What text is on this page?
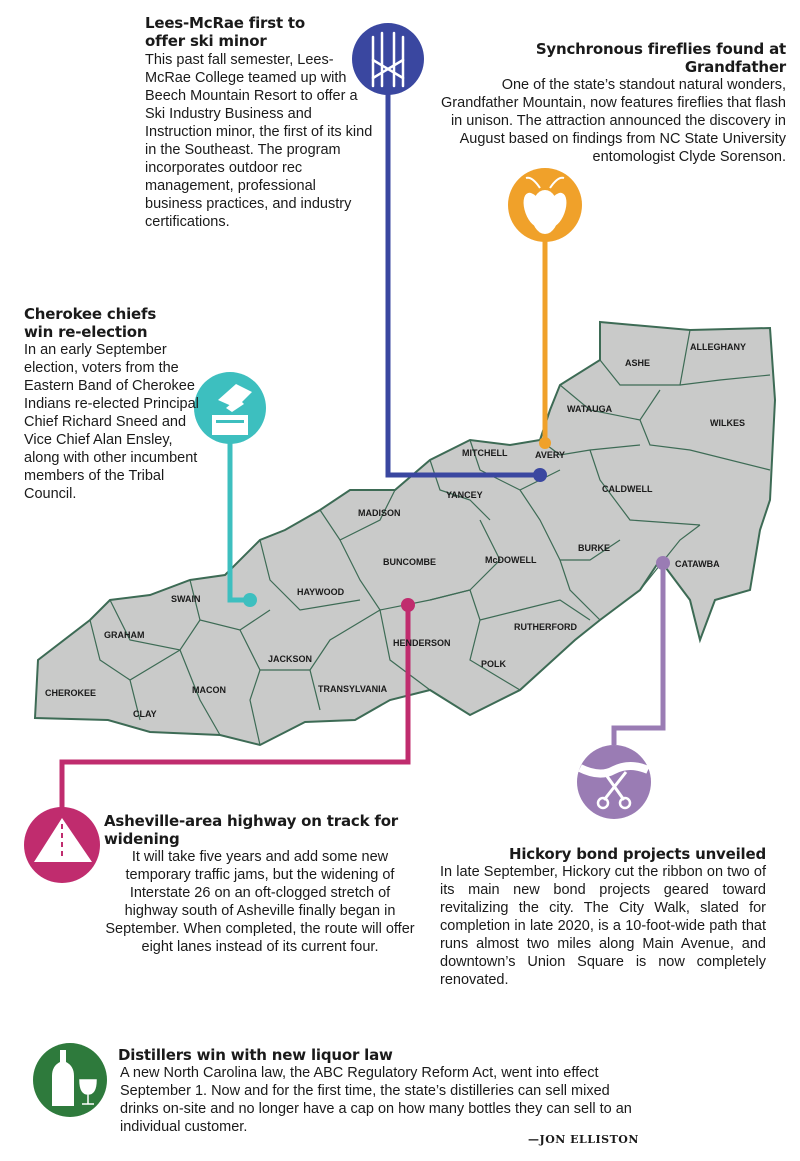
ASHE
ALLEGHANY
WATAUGA
WILKES
AVERY
MITCHELL
CALDWELL
YANCEY
MADISON
BURKE
CATAWBA
McDOWELL
BUNCOMBE
HAYWOOD
SWAIN
GRAHAM
RUTHERFORD
HENDERSON
JACKSON	POLK
CHEROKEE	MACON	TRANSYLVANIA
CLAY
Lees-McRae first to offer ski minor
This past fall semester, Lees-McRae College teamed up with Beech Mountain Resort to offer a Ski Industry Business and Instruction minor, the first of its kind in the Southeast. The program incorporates outdoor rec management, professional business practices, and industry certifications.
Synchronous fireflies found at Grandfather
One of the state’s standout natural wonders, Grandfather Mountain, now features fireflies that flash in unison. The attraction announced the discovery in August based on findings from NC State University entomologist Clyde Sorenson.
Cherokee chiefs win re-election
In an early September election, voters from the Eastern Band of Cherokee Indians re-elected Principal Chief Richard Sneed and Vice Chief Alan Ensley, along with other incumbent members of the Tribal Council.
Asheville-area highway on track for widening
It will take five years and add some new temporary traffic jams, but the widening of Interstate 26 on an oft-clogged stretch of highway south of Asheville finally began in September. When completed, the route will offer eight lanes instead of its current four.
Hickory bond projects unveiled
In late September, Hickory cut the ribbon on two of its main new bond projects geared toward revitalizing the city. The City Walk, slated for completion in late 2020, is a 10-foot-wide path that runs almost two miles along Main Avenue, and downtown’s Union Square is now completely renovated.
Distillers win with new liquor law
A new North Carolina law, the ABC Regulatory Reform Act, went into effect September 1. Now and for the first time, the state’s distilleries can sell mixed drinks on-site and no longer have a cap on how many bottles they can sell to an individual customer.
—JON ELLISTON
